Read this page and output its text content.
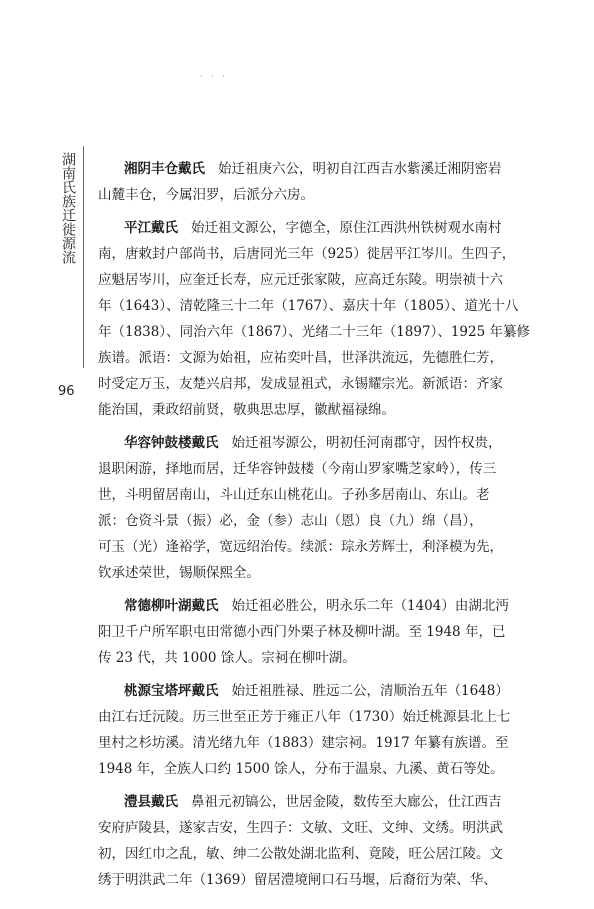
· · ·
湖南氏族迁徙源流
96
湘阴丰仓戴氏 始迁祖庚六公，明初自江西吉水紫溪迁湘阴密岩
山麓丰仓，今属汨罗，后派分六房。
平江戴氏 始迁祖文源公，字德全，原住江西洪州铁树观水南村
南，唐敕封户部尚书，后唐同光三年（925）徙居平江岑川。生四子，
应魁居岑川，应奎迁长寿，应元迁张家陂，应高迁东陵。明崇祯十六
年（1643）、清乾隆三十二年（1767）、嘉庆十年（1805）、道光十八
年（1838）、同治六年（1867）、光绪二十三年（1897）、1925 年纂修
族谱。派语：文源为始祖，应祐奕叶昌，世泽洪流远，先德胜仁芳，
时受定万玉，友楚兴启邦，发成显祖式，永锡耀宗光。新派语：齐家
能治国，秉政绍前贤，敬典思忠厚，徽猷福禄绵。
华容钟鼓楼戴氏 始迁祖岑源公，明初任河南郡守，因忤权贵，
退职闲游，择地而居，迁华容钟鼓楼（今南山罗家嘴芝家岭），传三
世，斗明留居南山，斗山迁东山桃花山。子孙多居南山、东山。老
派：仓资斗景（振）必，金（参）志山（恩）良（九）绵（昌），
可玉（光）逢裕学，宽远绍治传。续派：琮永芳辉士，利泽模为先，
钦承述荣世，锡顺保熙全。
常德柳叶湖戴氏 始迁祖必胜公，明永乐二年（1404）由湖北沔
阳卫千户所军职屯田常德小西门外栗子林及柳叶湖。至 1948 年，已
传 23 代，共 1000 馀人。宗祠在柳叶湖。
桃源宝塔坪戴氏 始迁祖胜禄、胜远二公，清顺治五年（1648）
由江右迁沅陵。历三世至正芳于雍正八年（1730）始迁桃源县北上七
里村之杉坊溪。清光绪九年（1883）建宗祠。1917 年纂有族谱。至
1948 年，全族人口约 1500 馀人，分布于温泉、九溪、黄石等处。
澧县戴氏 鼻祖元初镐公，世居金陵，数传至大廊公，仕江西吉
安府庐陵县，遂家吉安，生四子：文敏、文旺、文绅、文绣。明洪武
初，因红巾之乱，敏、绅二公散处湖北监利、竟陵，旺公居江陵。文
绣于明洪武二年（1369）留居澧境闸口石马堰，后裔衍为荣、华、
